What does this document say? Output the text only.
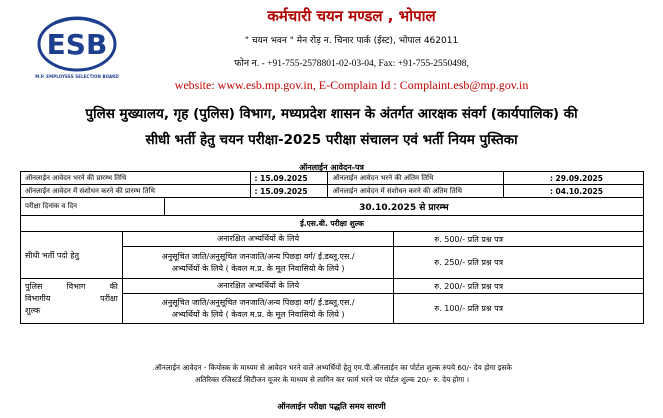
ESB
M.P. EMPLOYEES SELECTION BOARD
कर्मचारी चयन मण्डल , भोपाल
" चयन भवन " मेन रोड़ न. चिनार पार्क (ईस्ट), भोपाल 462011
फोन न. - +91-755-2578801-02-03-04, Fax: +91-755-2550498,
website: www.esb.mp.gov.in, E-Complain Id : Complaint.esb@mp.gov.in
पुलिस मुख्यालय, गृह (पुलिस) विभाग, मध्यप्रदेश शासन के अंतर्गत आरक्षक संवर्ग (कार्यपालिक) की
सीधी भर्ती हेतु चयन परीक्षा-2025 परीक्षा संचालन एवं भर्ती नियम पुस्तिका
ऑनलाईन आवेदन-पत्र
ऑनलाईन आवेदन भरने की प्रारम्भ तिथि			: 15.09.2025	ऑनलाईन आवेदन भरने की अंतिम तिथि		: 29.09.2025
ऑनलाईन आवेदन में संशोधन करने की प्रारम्भ तिथि			: 15.09.2025	ऑनलाईन आवेदन में संशोधन करने की अंतिम तिथि		: 04.10.2025
परीक्षा दिनांक व दिन		30.10.2025 से प्रारम्भ				
ई.एस.बी. परीक्षा शुल्क						
सीधी भर्ती पदो हेतु	अनारक्षित अभ्यर्थियों के लिये				रु. 500/- प्रति प्रश्न पत्र	

	अनुसूचित जाति/अनुसूचित जनजाति/अन्य पिछड़ा वर्ग/ ई.डब्लू.एस./
अभ्यर्थियों के लिये ( केवल म.प्र. के मूल निवासियो के लिये )				रु. 250/- प्रति प्रश्न पत्र	

पुलिस विभाग की
विभागीय परीक्षा
शुल्क	अनारक्षित अभ्यर्थियों के लिये				रु. 200/- प्रति प्रश्न पत्र	

	अनुसूचित जाति/अनुसूचित जनजाति/अन्य पिछड़ा वर्ग/ ई.डब्लू.एस./
अभ्यर्थियों के लिये ( केवल म.प्र. के मूल निवासियो के लिये )				रु. 100/- प्रति प्रश्न पत्र	
.ऑनलाईन आवेदन - कियोस्क के माध्यम से आवेदन भरने वाले अभ्यर्थियों हेतु एम.पी.ऑनलाईन का पोर्टल शुल्क रुपये 60/- देय होगा इसके
अतिरिक्त रजिस्टर्ड सिटीजन यूजर के माध्यम से लागिन कर फार्म भरने पर पोर्टल शुल्क 20/- रु. देय होगा ।
ऑनलाईन परीक्षा पद्धति समय सारणी
